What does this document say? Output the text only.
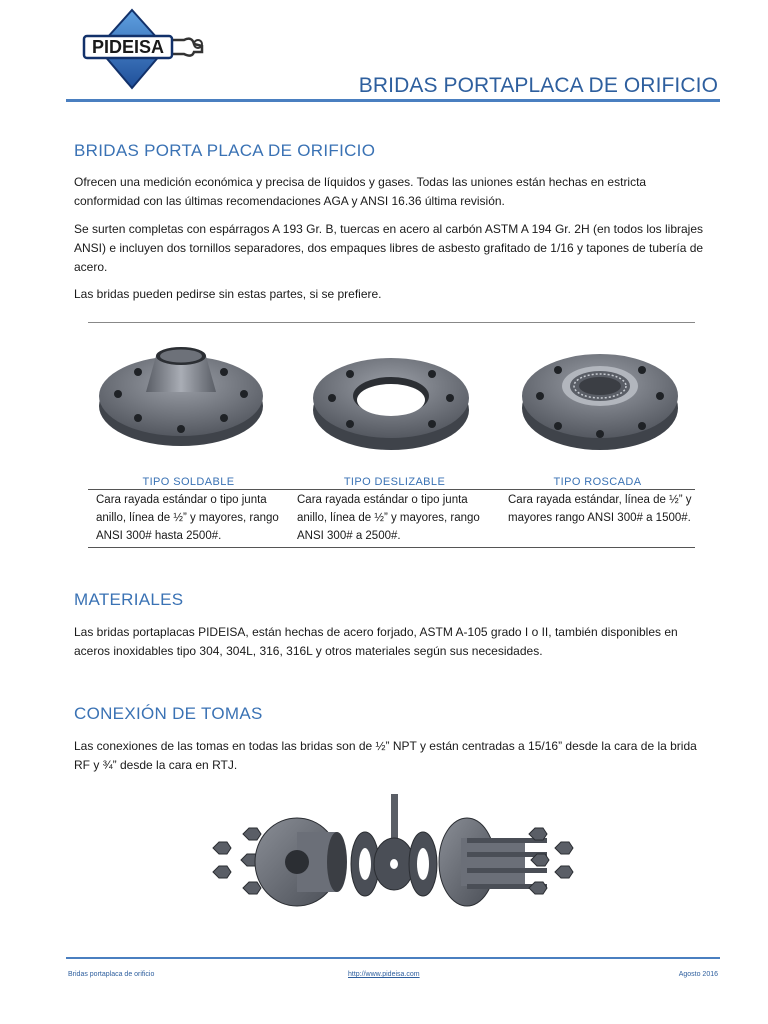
PIDEISA
BRIDAS PORTAPLACA DE ORIFICIO
BRIDAS PORTA PLACA DE ORIFICIO

Ofrecen una medición económica y precisa de líquidos y gases. Todas las uniones están hechas en estricta conformidad con las últimas recomendaciones AGA y ANSI 16.36 última revisión.

Se surten completas con espárragos A 193 Gr. B, tuercas en acero al carbón ASTM A 194 Gr. 2H (en todos los librajes ANSI) e incluyen dos tornillos separadores, dos empaques libres de asbesto grafitado de 1/16 y tapones de tubería de acero.

Las bridas pueden pedirse sin estas partes, si se prefiere.

TIPO SOLDABLE	TIPO DESLIZABLE	TIPO ROSCADA
Cara rayada estándar o tipo junta anillo, línea de ½” y mayores, rango ANSI 300# hasta 2500#.	Cara rayada estándar o tipo junta anillo, línea de ½” y mayores, rango ANSI 300# a 2500#.	Cara rayada estándar, línea de ½” y mayores rango ANSI 300# a 1500#.
MATERIALES

Las bridas portaplacas PIDEISA, están hechas de acero forjado, ASTM A-105 grado I o II, también disponibles en aceros inoxidables tipo 304, 304L, 316, 316L y otros materiales según sus necesidades.

CONEXIÓN DE TOMAS

Las conexiones de las tomas en todas las bridas son de ½” NPT y están centradas a 15/16” desde la cara de la brida RF y ¾” desde la cara en RTJ.

Bridas portaplaca de orificio	http://www.pideisa.com	Agosto 2016
